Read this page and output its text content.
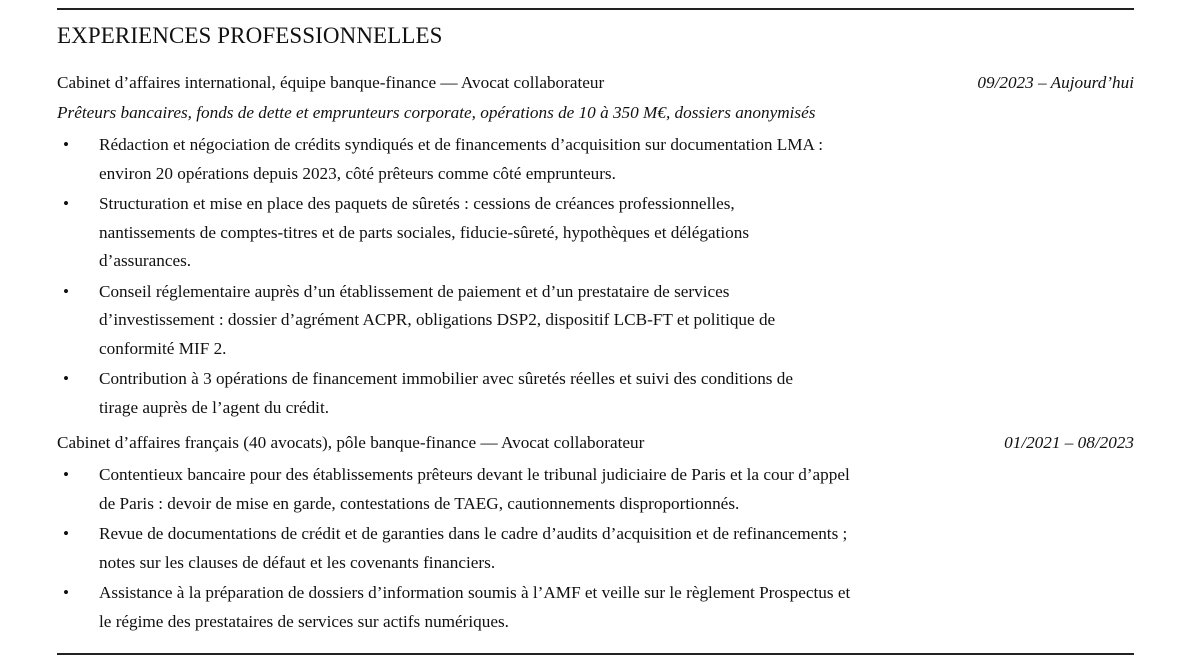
EXPERIENCES PROFESSIONNELLES
Cabinet d’affaires international, équipe banque-finance — Avocat collaborateur	09/2023 – Aujourd’hui
Prêteurs bancaires, fonds de dette et emprunteurs corporate, opérations de 10 à 350 M€, dossiers anonymisés
• Rédaction et négociation de crédits syndiqués et de financements d’acquisition sur documentation LMA :
environ 20 opérations depuis 2023, côté prêteurs comme côté emprunteurs.
• Structuration et mise en place des paquets de sûretés : cessions de créances professionnelles,
nantissements de comptes-titres et de parts sociales, fiducie-sûreté, hypothèques et délégations
d’assurances.
• Conseil réglementaire auprès d’un établissement de paiement et d’un prestataire de services
d’investissement : dossier d’agrément ACPR, obligations DSP2, dispositif LCB-FT et politique de
conformité MIF 2.
• Contribution à 3 opérations de financement immobilier avec sûretés réelles et suivi des conditions de
tirage auprès de l’agent du crédit.
Cabinet d’affaires français (40 avocats), pôle banque-finance — Avocat collaborateur	01/2021 – 08/2023
• Contentieux bancaire pour des établissements prêteurs devant le tribunal judiciaire de Paris et la cour d’appel
de Paris : devoir de mise en garde, contestations de TAEG, cautionnements disproportionnés.
• Revue de documentations de crédit et de garanties dans le cadre d’audits d’acquisition et de refinancements ;
notes sur les clauses de défaut et les covenants financiers.
• Assistance à la préparation de dossiers d’information soumis à l’AMF et veille sur le règlement Prospectus et
le régime des prestataires de services sur actifs numériques.
